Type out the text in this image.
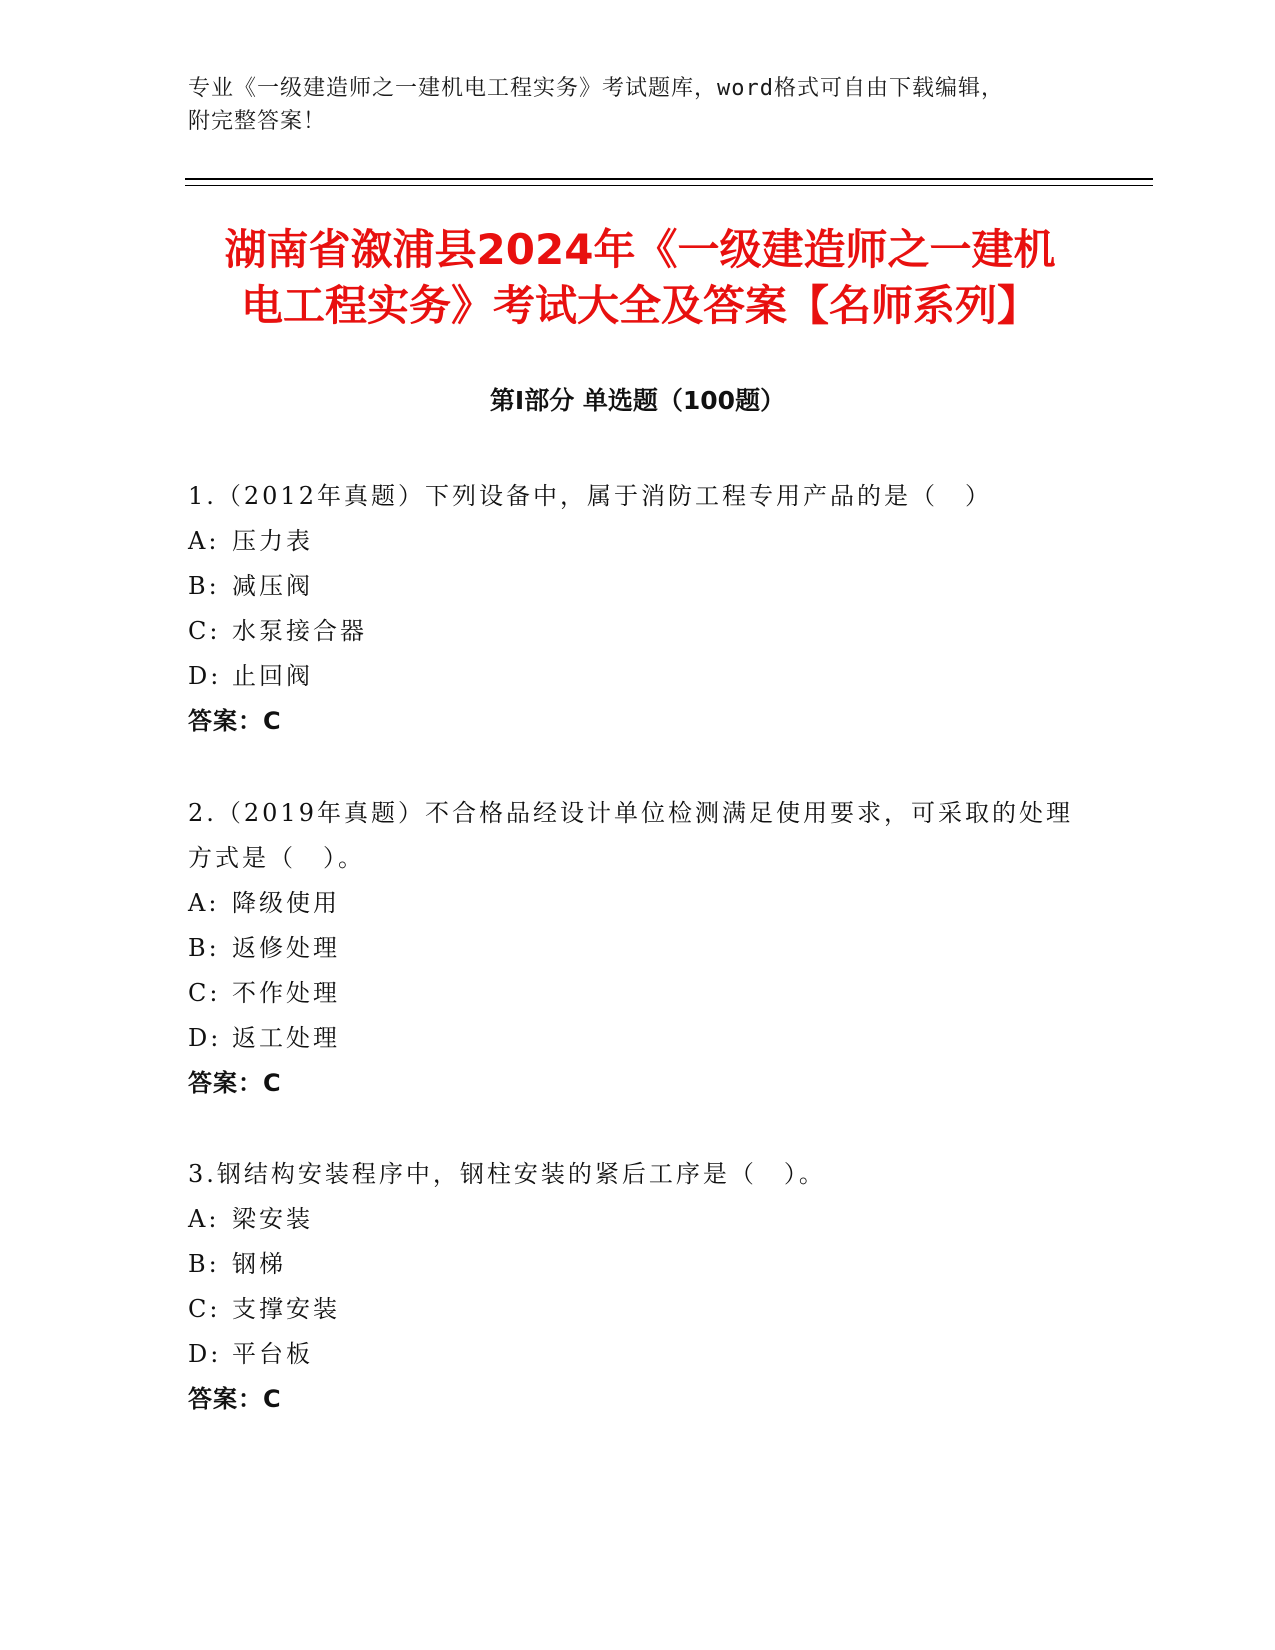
专业《一级建造师之一建机电工程实务》考试题库，word格式可自由下载编辑，
附完整答案！
湖南省溆浦县2024年《一级建造师之一建机
电工程实务》考试大全及答案【名师系列】
第Ⅰ部分 单选题（100题）

1.（2012年真题）下列设备中，属于消防工程专用产品的是（　）

A: 压力表
B: 减压阀
C: 水泵接合器
D: 止回阀
答案：C

2.（2019年真题）不合格品经设计单位检测满足使用要求，可采取的处理方式是（　）。

A: 降级使用
B: 返修处理
C: 不作处理
D: 返工处理
答案：C

3.钢结构安装程序中，钢柱安装的紧后工序是（　）。

A: 梁安装
B: 钢梯
C: 支撑安装
D: 平台板
答案：C
